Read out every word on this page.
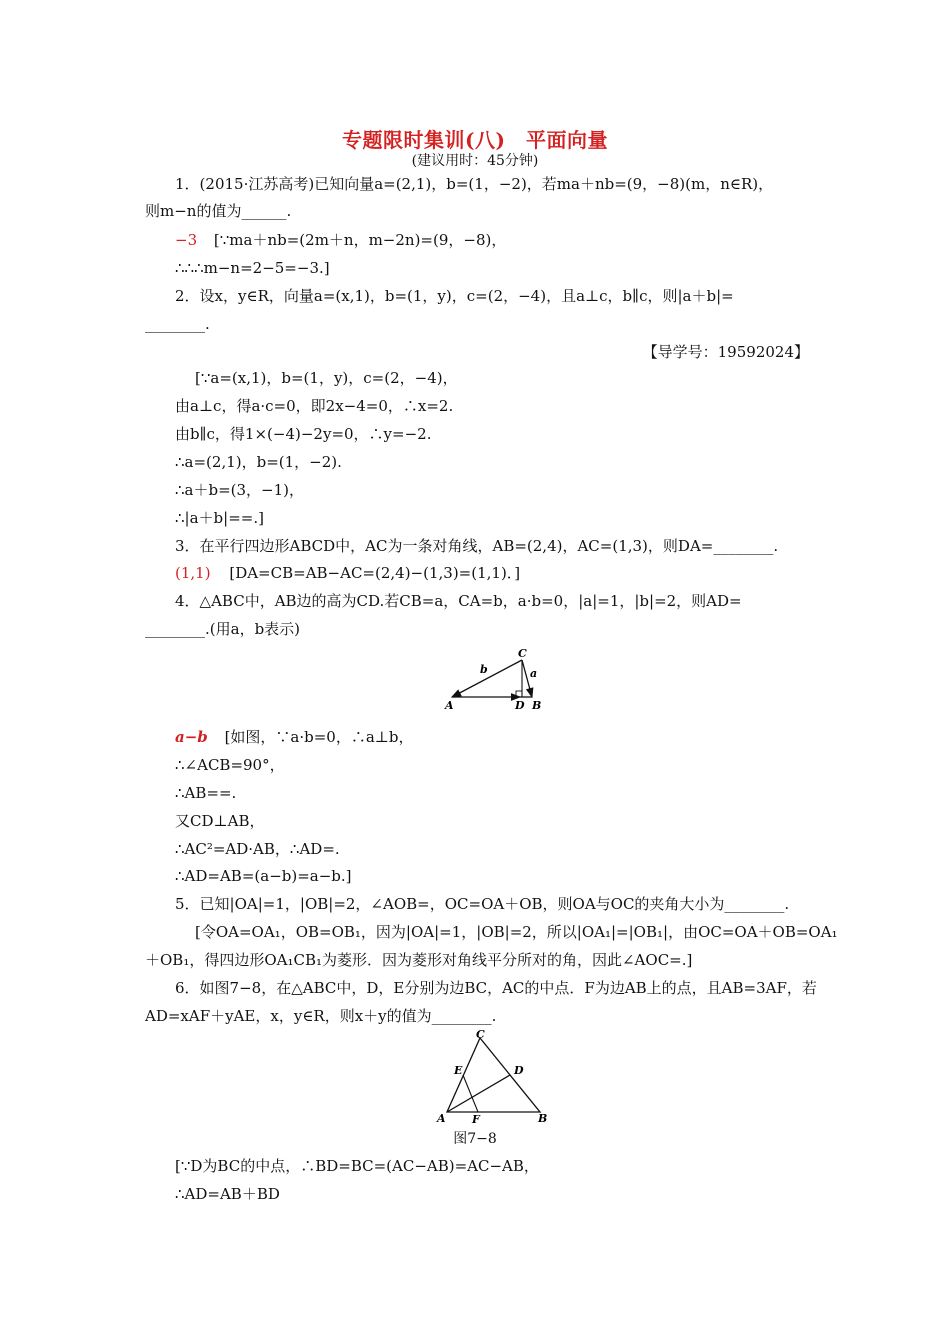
专题限时集训(八)　平面向量
(建议用时：45分钟)
1．(2015·江苏高考)已知向量a=(2,1)，b=(1，−2)，若ma＋nb=(9，−8)(m，n∈R)，
则m−n的值为______.
−3 [∵ma＋nb=(2m＋n，m−2n)=(9，−8)，
∴∴∴m−n=2−5=−3.]
2．设x，y∈R，向量a=(x,1)，b=(1，y)，c=(2，−4)，且a⊥c，b∥c，则|a＋b|=
________.
【导学号：19592024】
[∵a=(x,1)，b=(1，y)，c=(2，−4)，
由a⊥c，得a·c=0，即2x−4=0，∴x=2.
由b∥c，得1×(−4)−2y=0，∴y=−2.
∴a=(2,1)，b=(1，−2).
∴a＋b=(3，−1)，
∴|a＋b|==.]
3．在平行四边形ABCD中，AC为一条对角线，AB=(2,4)，AC=(1,3)，则DA=________.
(1,1) [DA=CB=AB−AC=(2,4)−(1,3)=(1,1)．]
4．△ABC中，AB边的高为CD.若CB=a，CA=b，a·b=0，|a|=1，|b|=2，则AD=
________.(用a，b表示)
b
C
a
A	D B
a−b [如图，∵a·b=0，∴a⊥b，
∴∠ACB=90°，
∴AB==.
又CD⊥AB，
∴AC²=AD·AB，∴AD=.
∴AD=AB=(a−b)=a−b.]
5．已知|OA|=1，|OB|=2，∠AOB=，OC=OA＋OB，则OA与OC的夹角大小为________.
[令OA=OA₁，OB=OB₁，因为|OA|=1，|OB|=2，所以|OA₁|=|OB₁|，由OC=OA＋OB=OA₁
＋OB₁，得四边形OA₁CB₁为菱形．因为菱形对角线平分所对的角，因此∠AOC=.]
6．如图7−8，在△ABC中，D，E分别为边BC，AC的中点．F为边AB上的点，且AB=3AF，若
AD=xAF＋yAE，x，y∈R，则x＋y的值为________.
C
E	D
A F	B
图7−8
[∵D为BC的中点，∴BD=BC=(AC−AB)=AC−AB，
∴AD=AB＋BD
